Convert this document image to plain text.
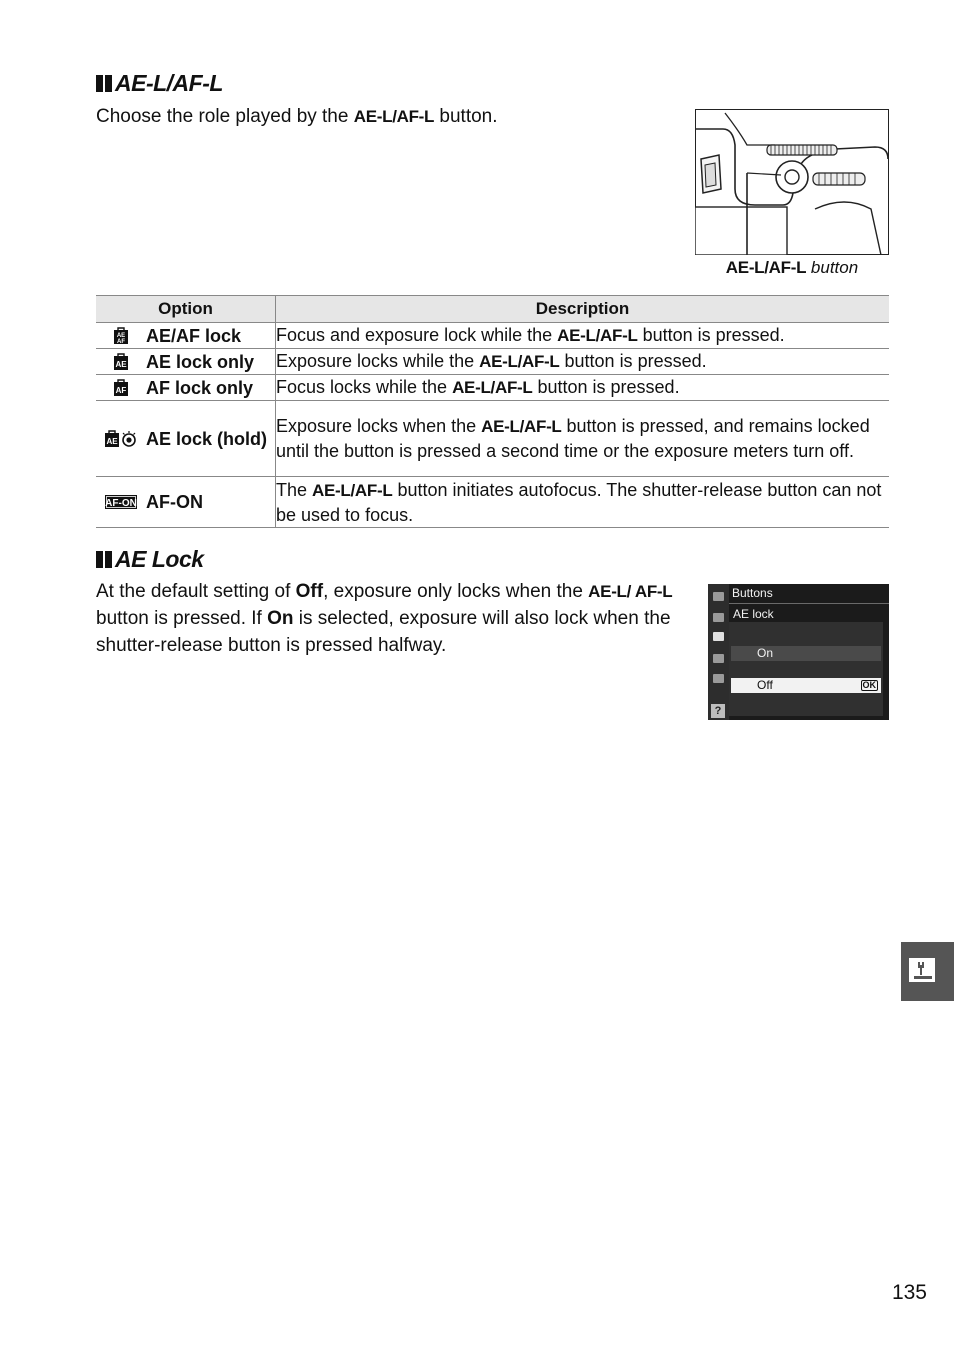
AE-L/AF-L

Choose the role played by the AE-L/AF-L button.

AE-L/AF-L button
Option	Description

AE
AF AE/AF lock	Focus and exposure lock while the AE-L/AF-L button is pressed.

AE AE lock only	Exposure locks while the AE-L/AF-L button is pressed.

AF AF lock only	Focus locks while the AE-L/AF-L button is pressed.

AE AE lock (hold)	Exposure locks when the AE-L/AF-L button is pressed, and remains locked until the button is pressed a second time or the exposure meters turn off.

AF-ON AF-ON	The AE-L/AF-L button initiates autofocus. The shutter-release button can not be used to focus.
AE Lock

At the default setting of Off, exposure only locks when the AE-L/ AF-L button is pressed. If On is selected, exposure will also lock when the shutter-release button is pressed halfway.

?
Buttons
AE lock
On
Off	OK
135
